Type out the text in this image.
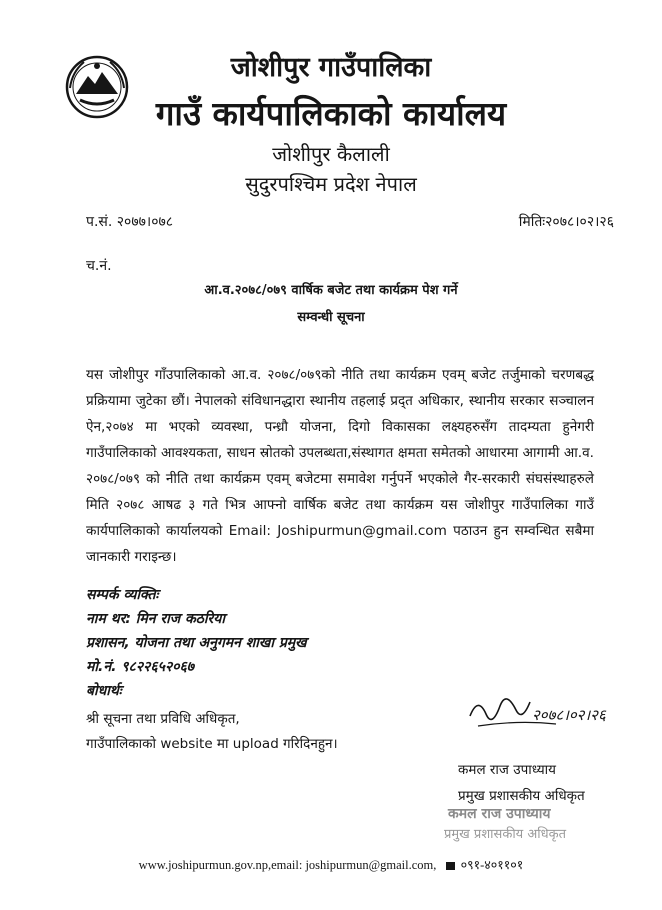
जोशीपुर गाउँपालिका
गाउँ कार्यपालिकाको कार्यालय
जोशीपुर कैलाली
सुदुरपश्चिम प्रदेश नेपाल
प.सं. २०७७।०७८	मितिः२०७८।०२।२६
च.नं.
आ.व.२०७८/०७९ वार्षिक बजेट तथा कार्यक्रम पेश गर्ने
सम्वन्धी सूचना
यस जोशीपुर गाँउपालिकाको आ.व. २०७८/०७९को नीति तथा कार्यक्रम एवम् बजेट तर्जुमाको चरणबद्ध प्रक्रियामा जुटेका छौं। नेपालको संविधानद्धारा स्थानीय तहलाई प्रद्त अधिकार, स्थानीय सरकार सञ्चालन ऐन,२०७४ मा भएको व्यवस्था, पन्ध्रौ योजना, दिगो विकासका लक्ष्यहरुसँग तादम्यता हुनेगरी गाउँपालिकाको आवश्यकता, साधन स्रोतको उपलब्धता,संस्थागत क्षमता समेतको आधारमा आगामी आ.व. २०७८/०७९ को नीति तथा कार्यक्रम एवम् बजेटमा समावेश गर्नुपर्ने भएकोले गैर-सरकारी संघसंस्थाहरुले मिति २०७८ आषढ ३ गते भित्र आफ्नो वार्षिक बजेट तथा कार्यक्रम यस जोशीपुर गाउँपालिका गाउँ कार्यपालिकाको कार्यालयको Email: Joshipurmun@gmail.com पठाउन हुन सम्वन्धित सबैमा जानकारी गराइन्छ।
सम्पर्क व्यक्तिः
नाम थर: मिन राज कठरिया
प्रशासन, योजना तथा अनुगमन शाखा प्रमुख
मो.नं. ९८२२६५२०६७
बोधार्थः
श्री सूचना तथा प्रविधि अधिकृत,
गाउँपालिकाको website मा upload गरिदिनहुन।
२०७८।०२।२६
कमल राज उपाध्याय
प्रमुख प्रशासकीय अधिकृत
कमल राज उपाध्याय
प्रमुख प्रशासकीय अधिकृत
www.joshipurmun.gov.np,email: joshipurmun@gmail.com, ०९१-४०११०१
